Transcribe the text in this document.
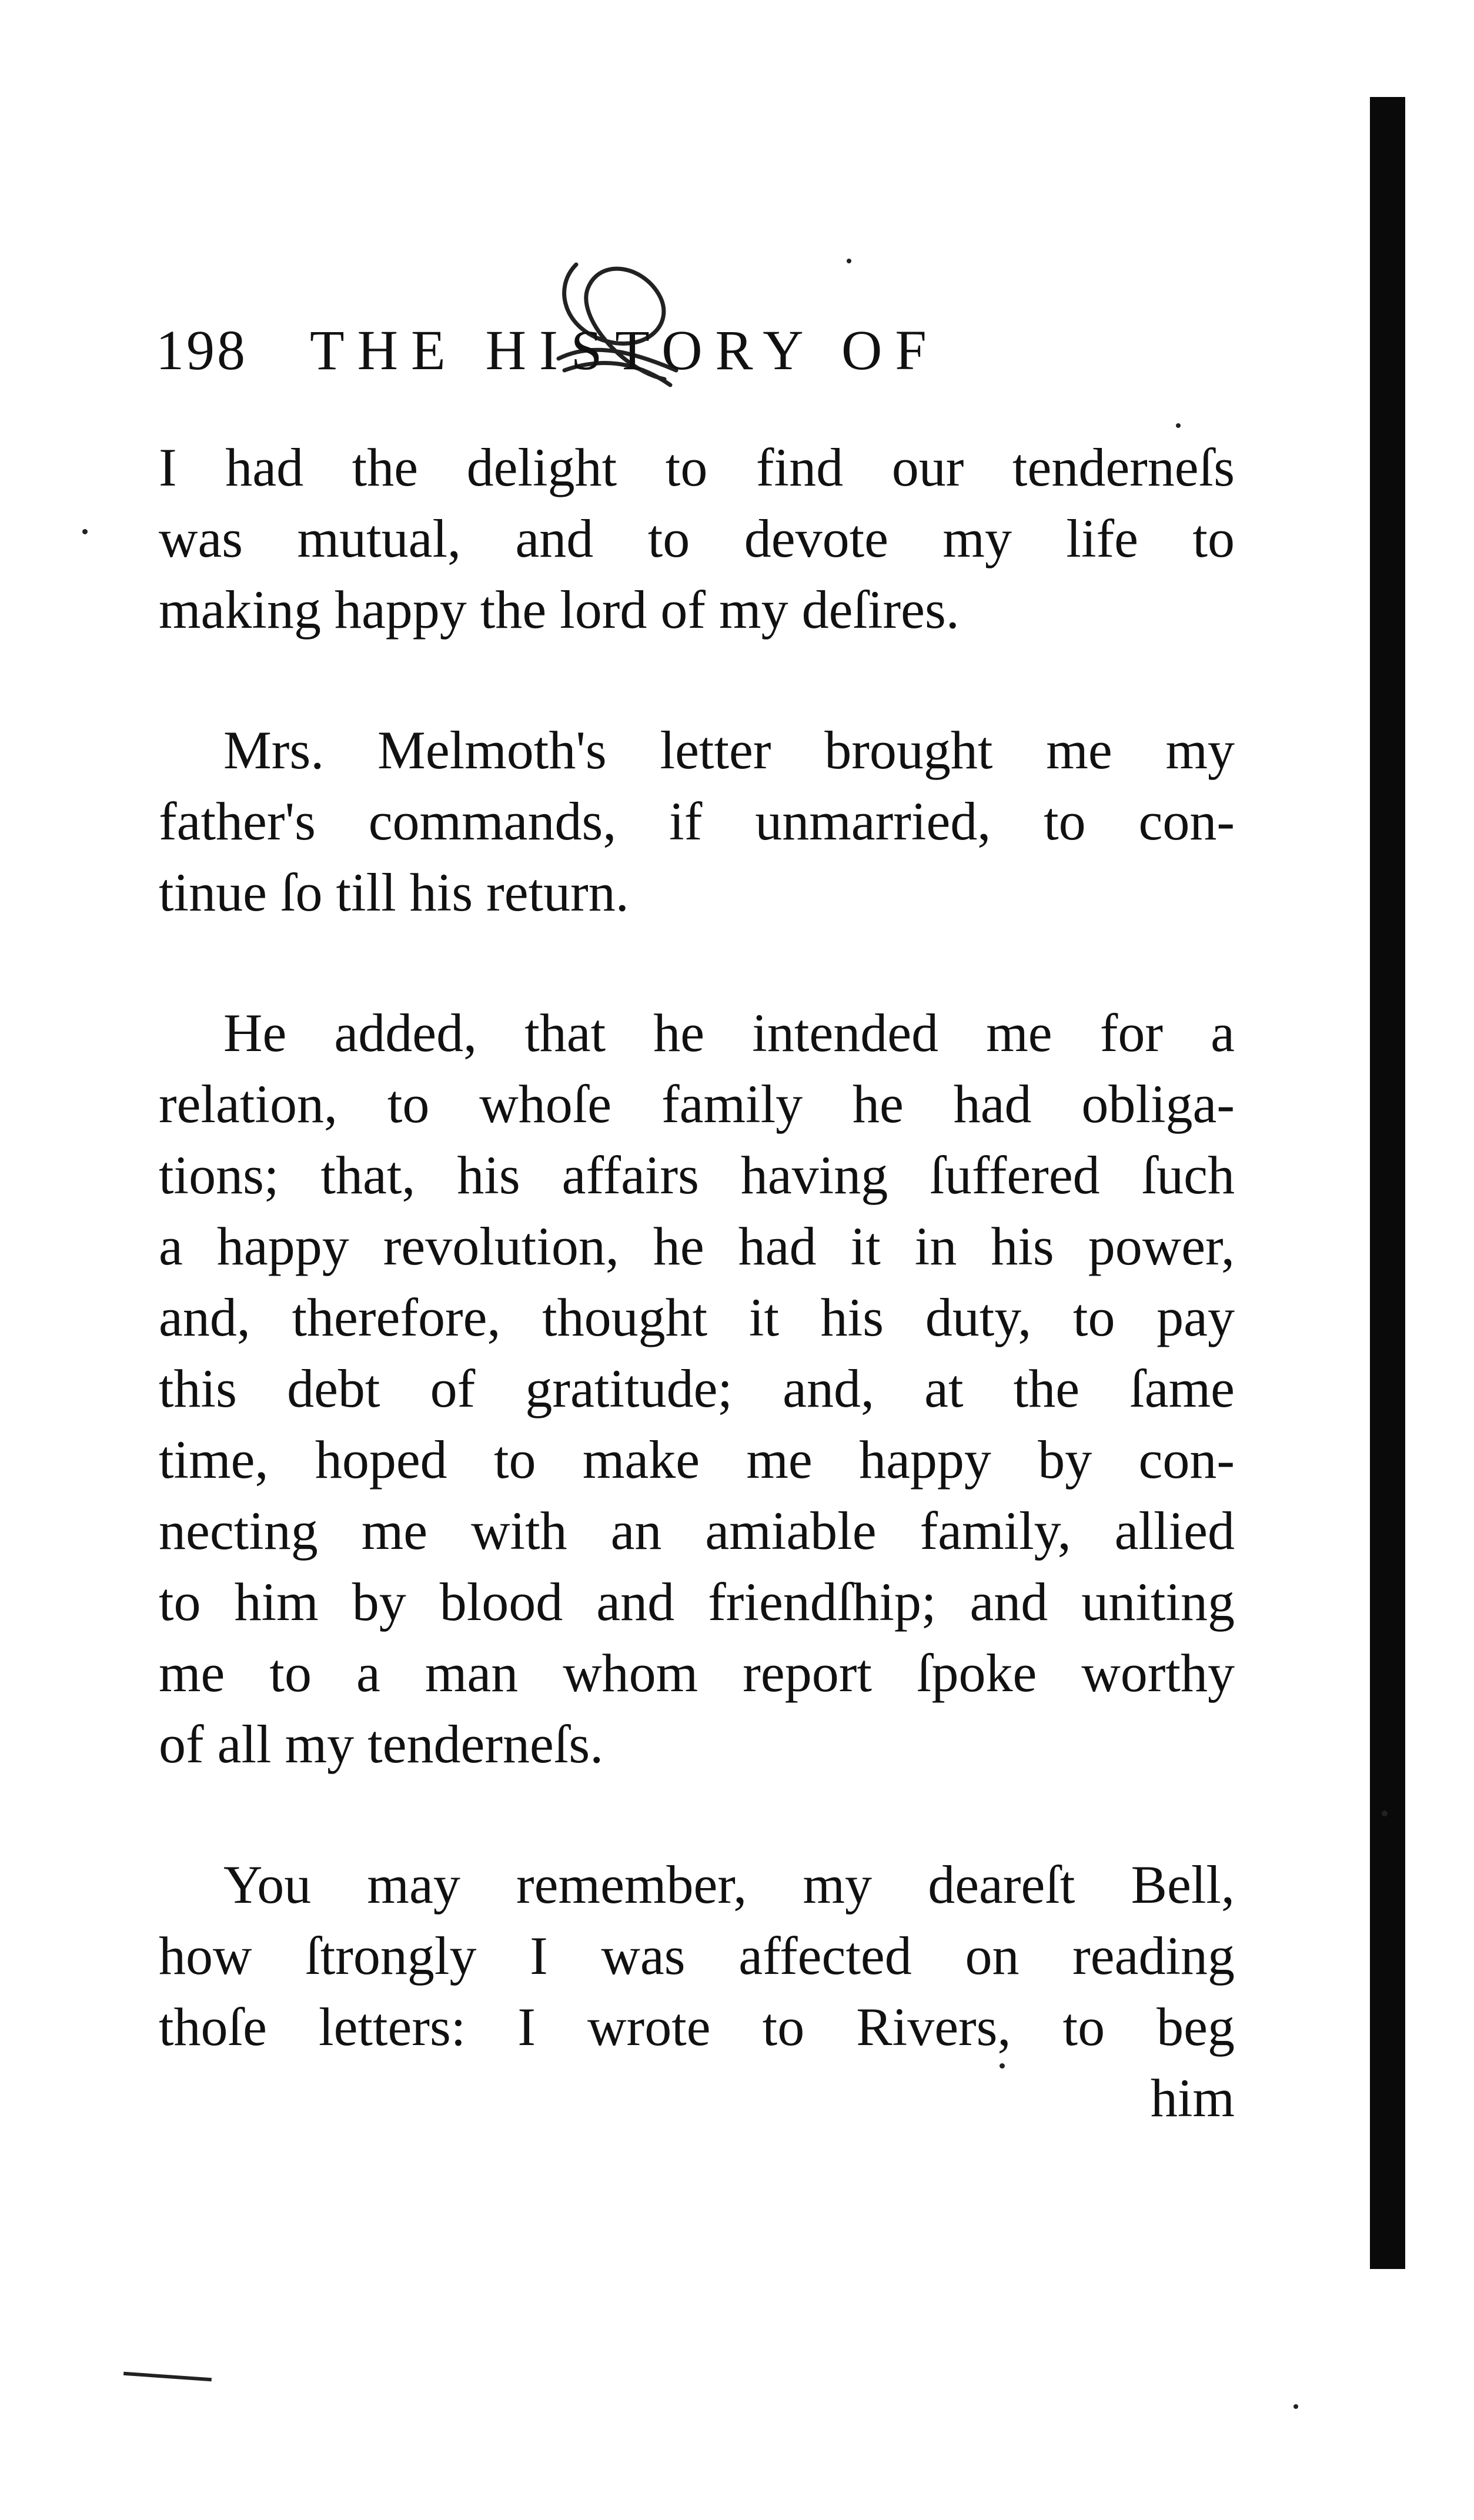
198 THE HISTORY OF

I had the delight to find our tenderneſs
was mutual, and to devote my life to
making happy the lord of my deſires.

Mrs. Melmoth's letter brought me my
father's commands, if unmarried, to con-
tinue ſo till his return.

He added, that he intended me for a
relation, to whoſe family he had obliga-
tions; that, his affairs having ſuffered ſuch
a happy revolution, he had it in his power,
and, therefore, thought it his duty, to pay
this debt of gratitude; and, at the ſame
time, hoped to make me happy by con-
necting me with an amiable family, allied
to him by blood and friendſhip; and uniting
me to a man whom report ſpoke worthy
of all my tenderneſs.

You may remember, my deareſt Bell,
how ſtrongly I was affected on reading
thoſe letters: I wrote to Rivers, to beg
him
